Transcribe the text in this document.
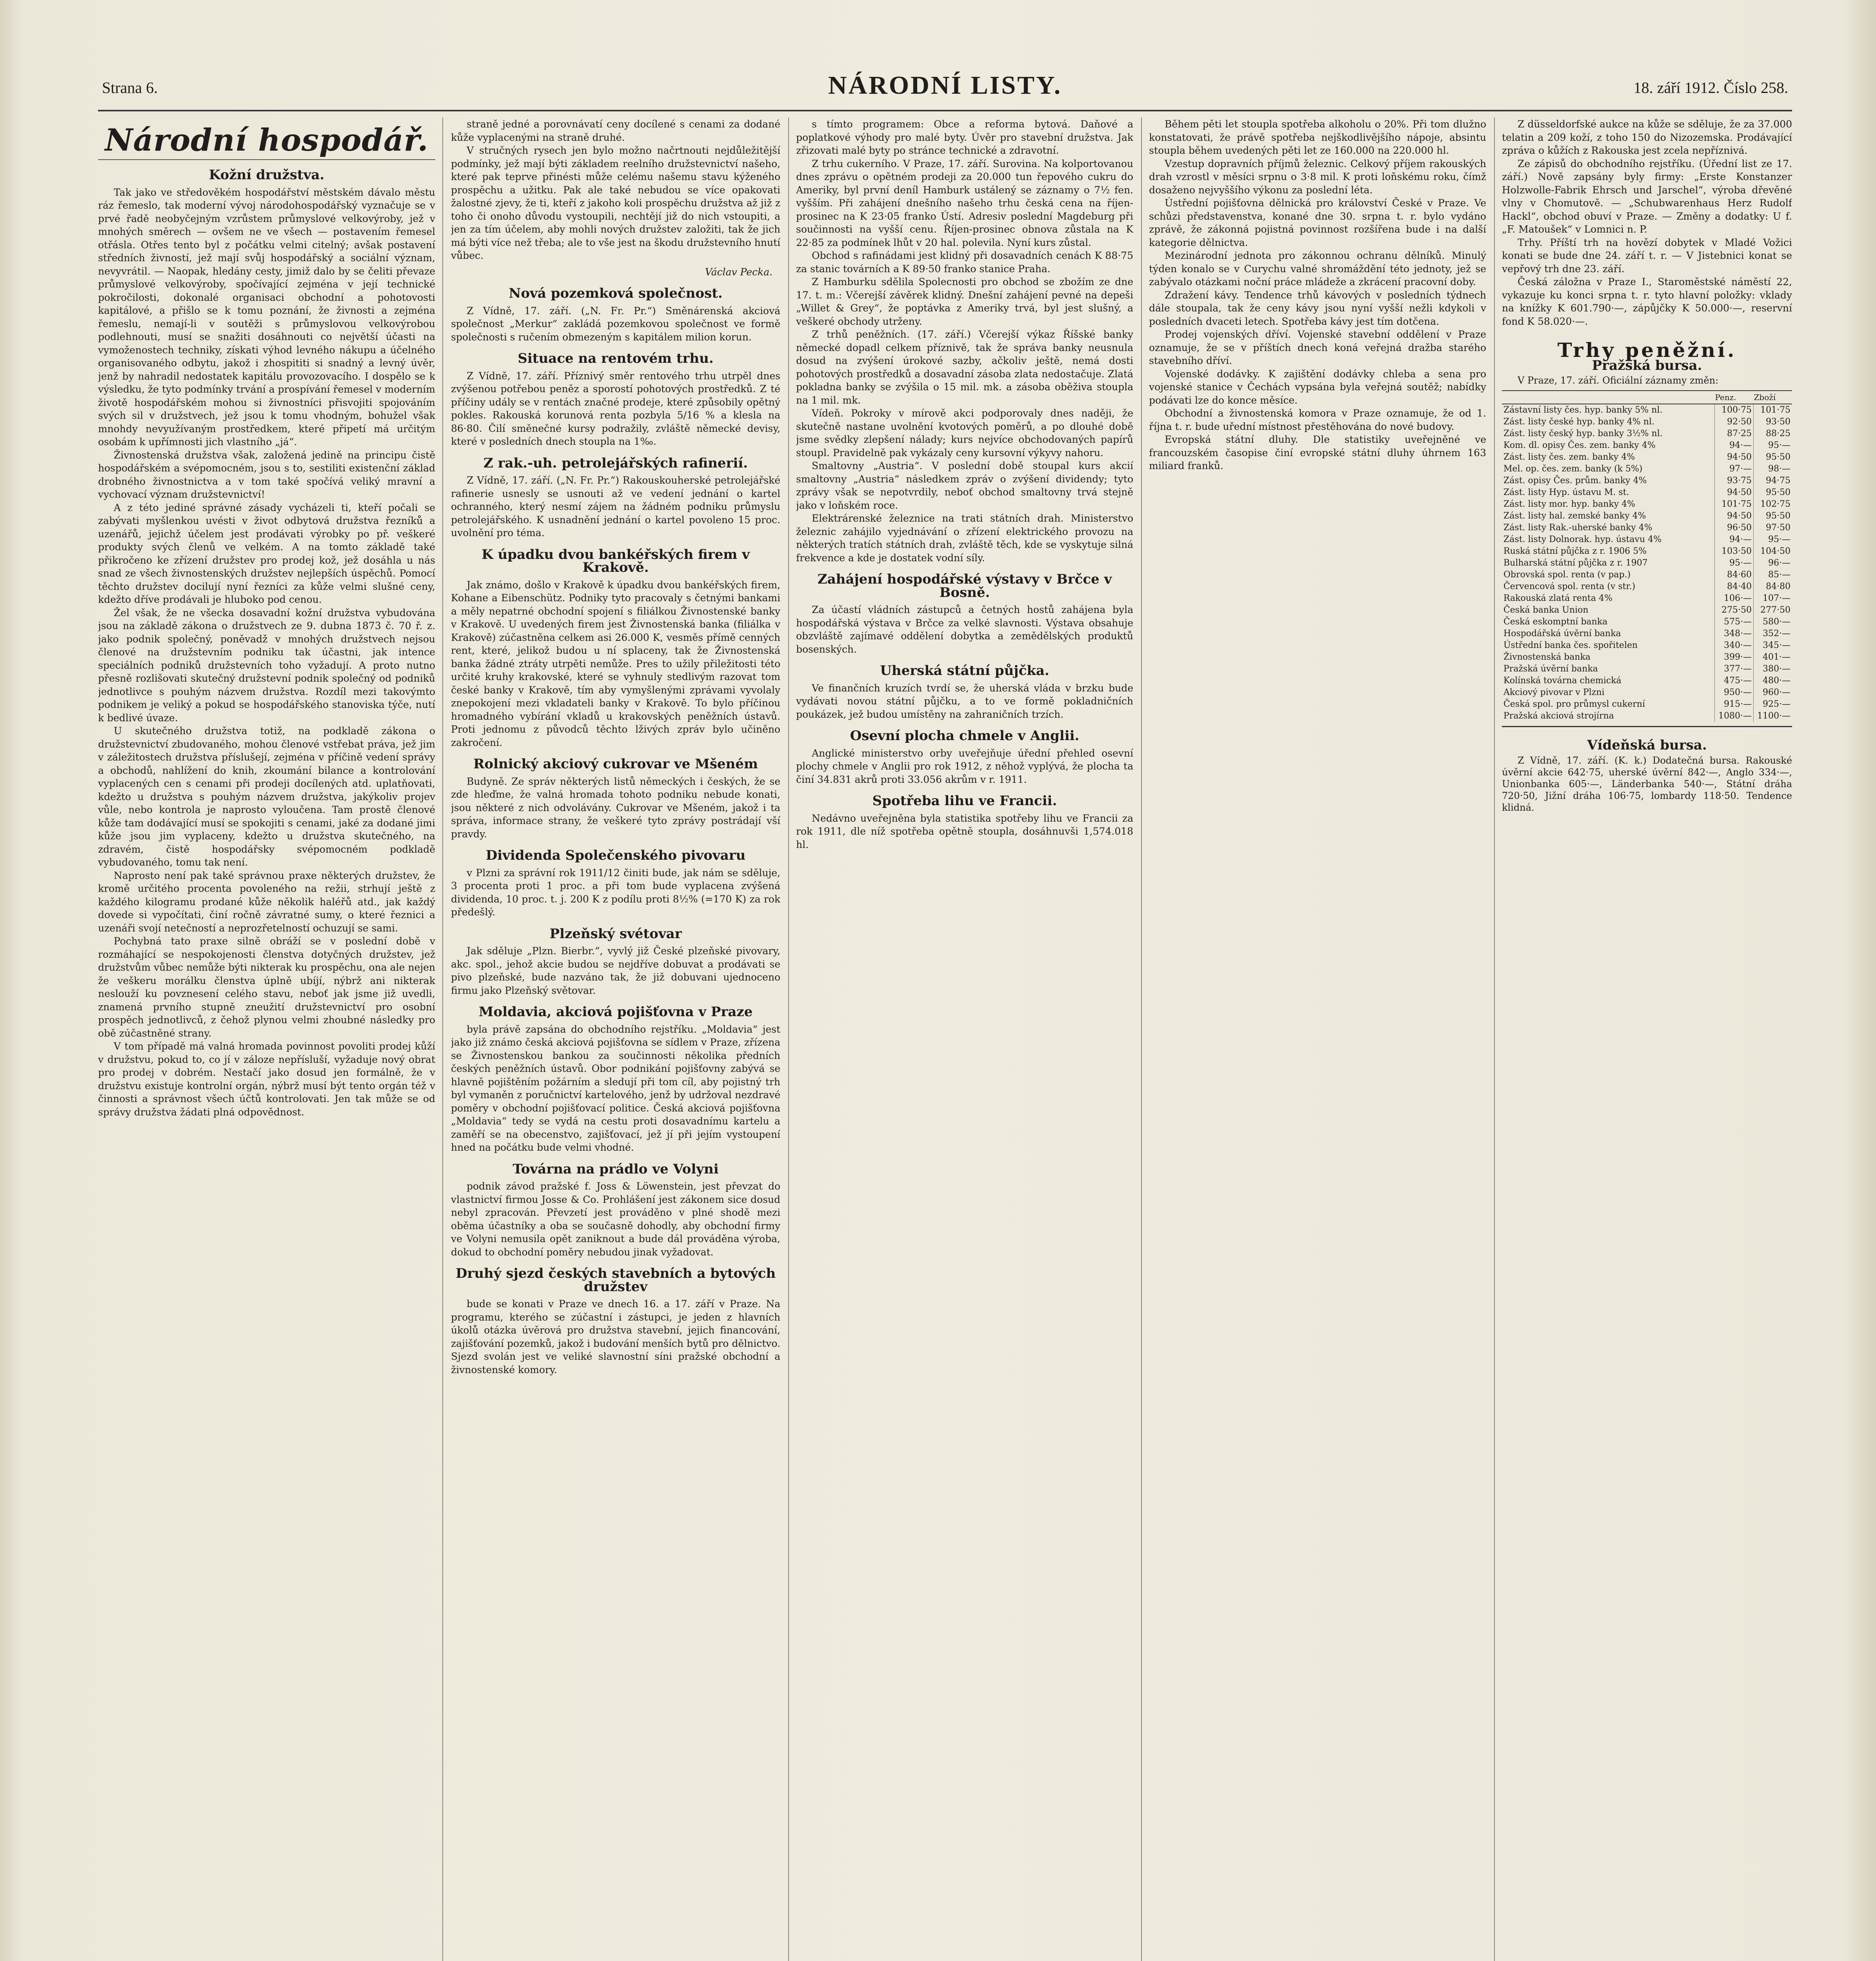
Strana 6.	NÁRODNÍ LISTY.	18. září 1912. Číslo 258.
Národní hospodář.
Kožní družstva.

Tak jako ve středověkém hospodářství městském dávalo městu ráz řemeslo, tak moderní vývoj národohospodářský vyznačuje se v prvé řadě neobyčejným vzrůstem průmyslové velkovýroby, jež v mnohých směrech — ovšem ne ve všech — postavením řemesel otřásla. Otřes tento byl z počátku velmi citelný; avšak postavení středních živností, jež mají svůj hospodářský a sociální význam, nevyvrátil. — Naopak, hledány cesty, jimiž dalo by se čeliti převaze průmyslové velkovýroby, spočívající zejména v její technické pokročilosti, dokonalé organisaci obchodní a pohotovosti kapitálové, a přišlo se k tomu poznání, že živnosti a zejména řemeslu, nemají-li v soutěži s průmyslovou velkovýrobou podlehnouti, musí se snažiti dosáhnouti co největší účasti na vymoženostech techniky, získati výhod levného nákupu a účelného organisovaného odbytu, jakož i zhospititi si snadný a levný úvěr, jenž by nahradil nedostatek kapitálu provozovacího. I dospělo se k výsledku, že tyto podmínky trvání a prospívání řemesel v moderním životě hospodářském mohou si živnostníci přisvojiti spojováním svých sil v družstvech, jež jsou k tomu vhodným, bohužel však mnohdy nevyužívaným prostředkem, které připetí má určitým osobám k upřímnosti jich vlastního „já“.

Živnostenská družstva však, založená jedině na principu čistě hospodářském a svépomocném, jsou s to, sestiliti existenční základ drobného živnostnictva a v tom také spočívá veliký mravní a vychovací význam družstevnictví!

A z této jediné správné zásady vycházeli ti, kteří počali se zabývati myšlenkou uvésti v život odbytová družstva řezníků a uzenářů, jejichž účelem jest prodávati výrobky po př. veškeré produkty svých členů ve velkém. A na tomto základě také přikročeno ke zřízení družstev pro prodej kož, jež dosáhla u nás snad ze všech živnostenských družstev nejlepších úspěchů. Pomocí těchto družstev docilují nyní řezníci za kůže velmi slušné ceny, kdežto dříve prodávali je hluboko pod cenou.

Žel však, že ne všecka dosavadní kožní družstva vybudována jsou na základě zákona o družstvech ze 9. dubna 1873 č. 70 ř. z. jako podnik společný, poněvadž v mnohých družstvech nejsou členové na družstevním podniku tak účastni, jak intence speciálních podniků družstevních toho vyžadují. A proto nutno přesně rozlišovati skutečný družstevní podnik společný od podniků jednotlivce s pouhým názvem družstva. Rozdíl mezi takovýmto podnikem je veliký a pokud se hospodářského stanoviska týče, nutí k bedlivé úvaze.

U skutečného družstva totiž, na podkladě zákona o družstevnictví zbudovaného, mohou členové vstřebat práva, jež jim v záležitostech družstva příslušejí, zejména v příčině vedení správy a obchodů, nahlížení do knih, zkoumání bilance a kontrolování vyplacených cen s cenami při prodeji docílených atd. uplatňovati, kdežto u družstva s pouhým názvem družstva, jakýkoliv projev vůle, nebo kontrola je naprosto vyloučena. Tam prostě členové kůže tam dodávající musí se spokojiti s cenami, jaké za dodané jimi kůže jsou jim vyplaceny, kdežto u družstva skutečného, na zdravém, čistě hospodářsky svépomocném podkladě vybudovaného, tomu tak není.

Naprosto není pak také správnou praxe některých družstev, že kromě určitého procenta povoleného na režii, strhují ještě z každého kilogramu prodané kůže několik haléřů atd., jak každý dovede si vypočítati, činí ročně závratné sumy, o které řeznici a uzenáři svojí netečností a neprozřetelností ochuzují se sami.

Pochybná tato praxe silně obráží se v poslední době v rozmáhající se nespokojenosti členstva dotyčných družstev, jež družstvům vůbec nemůže býti nikterak ku prospěchu, ona ale nejen že veškeru morálku členstva úplně ubíjí, nýbrž ani nikterak neslouží ku povznesení celého stavu, neboť jak jsme již uvedli, znamená prvního stupně zneužití družstevnictví pro osobní prospěch jednotlivců, z čehož plynou velmi zhoubné následky pro obě zúčastněné strany.

V tom případě má valná hromada povinnost povoliti prodej kůží v družstvu, pokud to, co jí v záloze nepřísluší, vyžaduje nový obrat pro prodej v dobrém. Nestačí jako dosud jen formálně, že v družstvu existuje kontrolní orgán, nýbrž musí být tento orgán též v činnosti a správnost všech účtů kontrolovati. Jen tak může se od správy družstva žádati plná odpovědnost.

straně jedné a porovnávatí ceny docílené s cenami za dodané kůže vyplacenými na straně druhé.

V stručných rysech jen bylo možno načrtnouti nejdůležitější podmínky, jež mají býti základem reelního družstevnictví našeho, které pak teprve přinésti může celému našemu stavu kýženého prospěchu a užitku. Pak ale také nebudou se více opakovati žalostné zjevy, že ti, kteří z jakoho koli prospěchu družstva až již z toho či onoho důvodu vystoupili, nechtějí již do nich vstoupiti, a jen za tím účelem, aby mohli nových družstev založiti, tak že jich má býti více než třeba; ale to vše jest na škodu družstevního hnutí vůbec.

Václav Pecka.
Nová pozemková společnost.

Z Vídně, 17. září. („N. Fr. Pr.“) Směnárenská akciová společnost „Merkur“ zakládá pozemkovou společnost ve formě společnosti s ručením obmezeným s kapitálem milion korun.

Situace na rentovém trhu.

Z Vídně, 17. září. Příznivý směr rentového trhu utrpěl dnes zvýšenou potřebou peněz a sporostí pohotových prostředků. Z té příčiny udály se v rentách značné prodeje, které způsobily opětný pokles. Rakouská korunová renta pozbyla 5/16 % a klesla na 86·80. Čilí směnečné kursy podražily, zvláště německé devisy, které v posledních dnech stoupla na 1‰.

Z rak.-uh. petrolejářských rafinerií.

Z Vídně, 17. září. („N. Fr. Pr.“) Rakouskouherské petrolejářské rafinerie usnesly se usnouti až ve vedení jednání o kartel ochranného, který nesmí zájem na žádném podniku průmyslu petrolejářského. K usnadnění jednání o kartel povoleno 15 proc. uvolnění pro téma.

K úpadku dvou bankéřských firem v Krakově.

Jak známo, došlo v Krakově k úpadku dvou bankéřských firem, Kohane a Eibenschütz. Podniky tyto pracovaly s četnými bankami a měly nepatrné obchodní spojení s filiálkou Živnostenské banky v Krakově. U uvedených firem jest Živnostenská banka (filiálka v Krakově) zúčastněna celkem asi 26.000 K, vesměs přímě cenných rent, které, jelikož budou u ní splaceny, tak že Živnostenská banka žádné ztráty utrpěti nemůže. Pres to užily přiležitosti této určité kruhy krakovské, které se vyhnuly stedlivým razovat tom české banky v Krakově, tím aby vymyšlenými zprávami vyvolaly znepokojení mezi vkladateli banky v Krakově. To bylo příčinou hromadného vybírání vkladů u krakovských peněžních ústavů. Proti jednomu z původců těchto lživých zpráv bylo učiněno zakročení.

Rolnický akciový cukrovar ve Mšeném

Budyně. Ze správ některých listů německých i českých, že se zde hleďme, že valná hromada tohoto podniku nebude konati, jsou některé z nich odvolávány. Cukrovar ve Mšeném, jakož i ta správa, informace strany, že veškeré tyto zprávy postrádají vší pravdy.

Dividenda Společenského pivovaru

v Plzni za správní rok 1911/12 činiti bude, jak nám se sděluje, 3 procenta proti 1 proc. a při tom bude vyplacena zvýšená dividenda, 10 proc. t. j. 200 K z podílu proti 8½% (=170 K) za rok předešlý.

Plzeňský svétovar

Jak sděluje „Plzn. Bierbr.“, vyvlý již České plzeňské pivovary, akc. spol., jehož akcie budou se nejdříve dobuvat a prodávati se pivo plzeňské, bude nazváno tak, že již dobuvani ujednoceno firmu jako Plzeňský světovar.

Moldavia, akciová pojišťovna v Praze

byla právě zapsána do obchodního rejstříku. „Moldavia“ jest jako již známo česká akciová pojišťovna se sídlem v Praze, zřízena se Živnostenskou bankou za součinnosti několika předních českých peněžních ústavů. Obor podnikání pojišťovny zabývá se hlavně pojištěním požárním a sledují při tom cíl, aby pojistný trh byl vymaněn z poručnictví kartelového, jenž by udržoval nezdravé poměry v obchodní pojišťovací politice. Česká akciová pojišťovna „Moldavia“ tedy se vydá na cestu proti dosavadnímu kartelu a zaměří se na obecenstvo, zajišťovací, jež jí při jejím vystoupení hned na počátku bude velmi vhodné.

Továrna na prádlo ve Volyni

podnik závod pražské f. Joss & Löwenstein, jest převzat do vlastnictví firmou Josse & Co. Prohlášení jest zákonem sice dosud nebyl zpracován. Převzetí jest prováděno v plné shodě mezi oběma účastníky a oba se současně dohodly, aby obchodní firmy ve Volyni nemusila opět zaniknout a bude dál prováděna výroba, dokud to obchodní poměry nebudou jinak vyžadovat.

Druhý sjezd českých stavebních a bytových družstev

bude se konati v Praze ve dnech 16. a 17. září v Praze. Na programu, kterého se zúčastní i zástupci, je jeden z hlavních úkolů otázka úvěrová pro družstva stavební, jejich financování, zajišťování pozemků, jakož i budování menších bytů pro dělnictvo. Sjezd svolán jest ve veliké slavnostní síni pražské obchodní a živnostenské komory.

s tímto programem: Obce a reforma bytová. Daňové a poplatkové výhody pro malé byty. Úvěr pro stavební družstva. Jak zřizovati malé byty po stránce technické a zdravotní.

Z trhu cukerního. V Praze, 17. září. Surovina. Na kolportovanou dnes zprávu o opětném prodeji za 20.000 tun řepového cukru do Ameriky, byl první deníl Hamburk ustálený se záznamy o 7½ fen. vyšším. Při zahájení dnešního našeho trhu česká cena na říjen-prosinec na K 23·05 franko Ústí. Adresiv poslední Magdeburg při součinnosti na vyšší cenu. Říjen-prosinec obnova zůstala na K 22·85 za podmínek lhůt v 20 hal. polevila. Nyní kurs zůstal.

Obchod s rafinádami jest klidný při dosavadních cenách K 88·75 za stanic továrních a K 89·50 franko stanice Praha.

Z Hamburku sdělila Spolecnosti pro obchod se zbožím ze dne 17. t. m.: Včerejší závěrek klidný. Dnešní zahájení pevné na depeši „Willet & Grey“, že poptávka z Ameriky trvá, byl jest slušný, a veškeré obchody utrženy.

Z trhů peněžních. (17. září.) Včerejší výkaz Říšské banky německé dopadl celkem příznivě, tak že správa banky neusnula dosud na zvýšení úrokové sazby, ačkoliv ještě, nemá dosti pohotových prostředků a dosavadní zásoba zlata nedostačuje. Zlatá pokladna banky se zvýšila o 15 mil. mk. a zásoba oběživa stoupla na 1 mil. mk.

Vídeň. Pokroky v mírově akci podporovaly dnes naději, že skutečně nastane uvolnění kvotových poměrů, a po dlouhé době jsme svědky zlepšení nálady; kurs nejvíce obchodovaných papírů stoupl. Pravidelně pak vykázaly ceny kursovní výkyvy nahoru.

Smaltovny „Austria“. V poslední době stoupal kurs akcií smaltovny „Austria“ následkem zpráv o zvýšení dividendy; tyto zprávy však se nepotvrdily, neboť obchod smaltovny trvá stejně jako v loňském roce.

Elektrárenské železnice na trati státních drah. Ministerstvo železnic zahájilo vyjednávání o zřízení elektrického provozu na některých tratích státních drah, zvláště těch, kde se vyskytuje silná frekvence a kde je dostatek vodní síly.

Zahájení hospodářské výstavy v Brčce v Bosně.

Za účastí vládních zástupců a četných hostů zahájena byla hospodářská výstava v Brčce za velké slavnosti. Výstava obsahuje obzvláště zajímavé oddělení dobytka a zemědělských produktů bosenských.

Uherská státní půjčka.

Ve finančních kruzích tvrdí se, že uherská vláda v brzku bude vydávati novou státní půjčku, a to ve formě pokladničních poukázek, jež budou umístěny na zahraničních trzích.

Osevní plocha chmele v Anglii.

Anglické ministerstvo orby uveřejňuje úřední přehled osevní plochy chmele v Anglii pro rok 1912, z něhož vyplývá, že plocha ta činí 34.831 akrů proti 33.056 akrům v r. 1911.

Spotřeba lihu ve Francii.

Nedávno uveřejněna byla statistika spotřeby lihu ve Francii za rok 1911, dle níž spotřeba opětně stoupla, dosáhnuvši 1,574.018 hl.

Během pěti let stoupla spotřeba alkoholu o 20%. Při tom dlužno konstatovati, že právě spotřeba nejškodlivějšího nápoje, absintu stoupla během uvedených pěti let ze 160.000 na 220.000 hl.

Vzestup dopravních příjmů železnic. Celkový příjem rakouských drah vzrostl v měsíci srpnu o 3·8 mil. K proti loňskému roku, čímž dosaženo nejvyššího výkonu za poslední léta.

Ústřední pojišťovna dělnická pro království České v Praze. Ve schůzi představenstva, konané dne 30. srpna t. r. bylo vydáno zprávě, že zákonná pojistná povinnost rozšířena bude i na další kategorie dělnictva.

Mezinárodní jednota pro zákonnou ochranu dělníků. Minulý týden konalo se v Curychu valné shromáždění této jednoty, jež se zabývalo otázkami noční práce mládeže a zkrácení pracovní doby.

Zdražení kávy. Tendence trhů kávových v posledních týdnech dále stoupala, tak že ceny kávy jsou nyní vyšší nežli kdykoli v posledních dvaceti letech. Spotřeba kávy jest tím dotčena.

Prodej vojenských dříví. Vojenské stavební oddělení v Praze oznamuje, že se v příštích dnech koná veřejná dražba starého stavebního dříví.

Vojenské dodávky. K zajištění dodávky chleba a sena pro vojenské stanice v Čechách vypsána byla veřejná soutěž; nabídky podávati lze do konce měsíce.

Obchodní a živnostenská komora v Praze oznamuje, že od 1. října t. r. bude uřední místnost přestěhována do nové budovy.

Evropská státní dluhy. Dle statistiky uveřejněné ve francouzském časopise činí evropské státní dluhy úhrnem 163 miliard franků.

Z düsseldorfské aukce na kůže se sděluje, že za 37.000 telatin a 209 koží, z toho 150 do Nizozemska. Prodávající zpráva o kůžích z Rakouska jest zcela nepříznivá.

Ze zápisů do obchodního rejstříku. (Úřední list ze 17. září.) Nově zapsány byly firmy: „Erste Konstanzer Holzwolle-Fabrik Ehrsch und Jarschel“, výroba dřevěné vlny v Chomutově. — „Schubwarenhaus Herz Rudolf Hackl“, obchod obuví v Praze. — Změny a dodatky: U f. „F. Matoušek“ v Lomnici n. P.

Trhy. Příští trh na hovězí dobytek v Mladé Vožici konati se bude dne 24. září t. r. — V Jistebnici konat se vepřový trh dne 23. září.

Česká záložna v Praze I., Staroměstské náměstí 22, vykazuje ku konci srpna t. r. tyto hlavní položky: vklady na knížky K 601.790·—, zápůjčky K 50.000·—, reservní fond K 58.020·—.

Trhy peněžní.
Pražská bursa.

V Praze, 17. září. Oficiální záznamy změn:

	Penz.	Zboží
Zástavní listy čes. hyp. banky 5% nl.	100·75	101·75
Zást. listy české hyp. banky 4% nl.	92·50	93·50
Zást. listy český hyp. banky 3½% nl.	87·25	88·25
Kom. dl. opisy Čes. zem. banky 4%	94·—	95·—
Zást. listy čes. zem. banky 4%	94·50	95·50
Mel. op. čes. zem. banky (k 5%)	97·—	98·—
Zást. opisy Čes. prům. banky 4%	93·75	94·75
Zást. listy Hyp. ústavu M. st.	94·50	95·50
Zást. listy mor. hyp. banky 4%	101·75	102·75
Zást. listy hal. zemské banky 4%	94·50	95·50
Zást. listy Rak.-uherské banky 4%	96·50	97·50
Zást. listy Dolnorak. hyp. ústavu 4%	94·—	95·—
Ruská státní půjčka z r. 1906 5%	103·50	104·50
Bulharská státní půjčka z r. 1907	95·—	96·—
Obrovská spol. renta (v pap.)	84·60	85·—
Červencová spol. renta (v str.)	84·40	84·80
Rakouská zlatá renta 4%	106·—	107·—
Česká banka Union	275·50	277·50
Česká eskomptní banka	575·—	580·—
Hospodářská úvěrní banka	348·—	352·—
Ústřední banka čes. spořitelen	340·—	345·—
Živnostenská banka	399·—	401·—
Pražská úvěrní banka	377·—	380·—
Kolínská továrna chemická	475·—	480·—
Akciový pivovar v Plzni	950·—	960·—
Česká spol. pro průmysl cukerní	915·—	925·—
Pražská akciová strojírna	1080·—	1100·—
Vídeňská bursa.

Z Vídně, 17. září. (K. k.) Dodatečná bursa. Rakouské úvěrní akcie 642·75, uherské úvěrní 842·—, Anglo 334·—, Unionbanka 605·—, Länderbanka 540·—, Státní dráha 720·50, Jižní dráha 106·75, lombardy 118·50. Tendence klidná.
